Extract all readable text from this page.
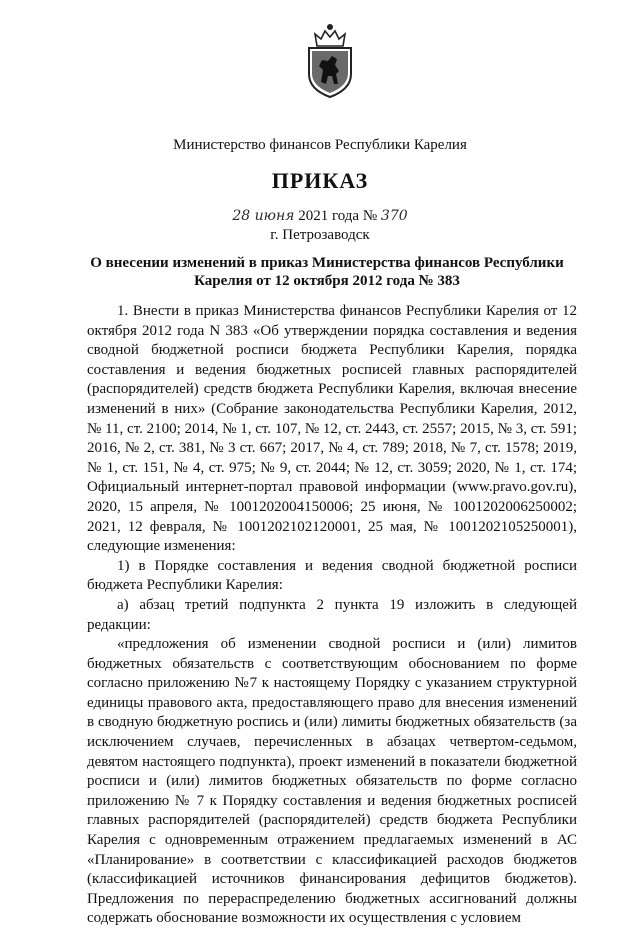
Министерство финансов Республики Карелия
ПРИКАЗ
28 июня 2021 года № 370
г. Петрозаводск
О внесении изменений в приказ Министерства финансов Республики Карелия от 12 октября 2012 года № 383

1. Внести в приказ Министерства финансов Республики Карелия от 12 октября 2012 года N 383 «Об утверждении порядка составления и ведения сводной бюджетной росписи бюджета Республики Карелия, порядка составления и ведения бюджетных росписей главных распорядителей (распорядителей) средств бюджета Республики Карелия, включая внесение изменений в них» (Собрание законодательства Республики Карелия, 2012, № 11, ст. 2100; 2014, № 1, ст. 107, № 12, ст. 2443, ст. 2557; 2015, № 3, ст. 591; 2016, № 2, ст. 381, № 3 ст. 667; 2017, № 4, ст. 789; 2018, № 7, ст. 1578; 2019, № 1, ст. 151, № 4, ст. 975; № 9, ст. 2044; № 12, ст. 3059; 2020, № 1, ст. 174; Официальный интернет-портал правовой информации (www.pravo.gov.ru), 2020, 15 апреля, № 1001202004150006; 25 июня, № 1001202006250002; 2021, 12 февраля, № 1001202102120001, 25 мая, № 1001202105250001), следующие изменения:

1) в Порядке составления и ведения сводной бюджетной росписи бюджета Республики Карелия:

а) абзац третий подпункта 2 пункта 19 изложить в следующей редакции:

«предложения об изменении сводной росписи и (или) лимитов бюджетных обязательств с соответствующим обоснованием по форме согласно приложению №7 к настоящему Порядку с указанием структурной единицы правового акта, предоставляющего право для внесения изменений в сводную бюджетную роспись и (или) лимиты бюджетных обязательств (за исключением случаев, перечисленных в абзацах четвертом-седьмом, девятом настоящего подпункта), проект изменений в показатели бюджетной росписи и (или) лимитов бюджетных обязательств по форме согласно приложению № 7 к Порядку составления и ведения бюджетных росписей главных распорядителей (распорядителей) средств бюджета Республики Карелия с одновременным отражением предлагаемых изменений в АС «Планирование» в соответствии с классификацией расходов бюджетов (классификацией источников финансирования дефицитов бюджетов). Предложения по перераспределению бюджетных ассигнований должны содержать обоснование возможности их осуществления с условием
